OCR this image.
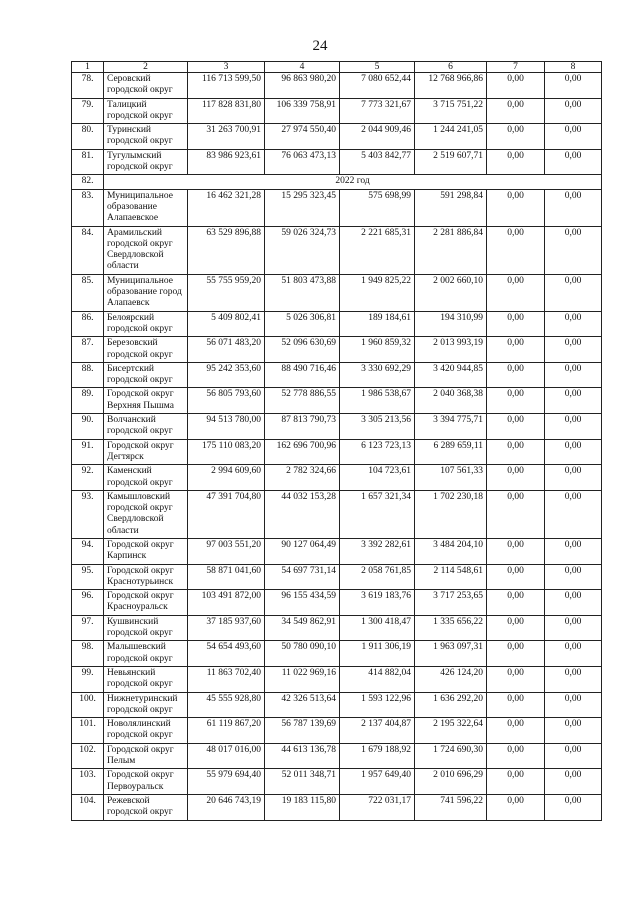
24
1	2	3	4	5	6	7	8
78.	Серовский городской округ	116 713 599,50	96 863 980,20	7 080 652,44	12 768 966,86	0,00	0,00
79.	Талицкий городской округ	117 828 831,80	106 339 758,91	7 773 321,67	3 715 751,22	0,00	0,00
80.	Туринский городской округ	31 263 700,91	27 974 550,40	2 044 909,46	1 244 241,05	0,00	0,00
81.	Тугулымский городской округ	83 986 923,61	76 063 473,13	5 403 842,77	2 519 607,71	0,00	0,00
82.	2022 год						
83.	Муниципальное образование Алапаевское	16 462 321,28	15 295 323,45	575 698,99	591 298,84	0,00	0,00
84.	Арамильский городской округ Свердловской области	63 529 896,88	59 026 324,73	2 221 685,31	2 281 886,84	0,00	0,00
85.	Муниципальное образование город Алапаевск	55 755 959,20	51 803 473,88	1 949 825,22	2 002 660,10	0,00	0,00
86.	Белоярский городской округ	5 409 802,41	5 026 306,81	189 184,61	194 310,99	0,00	0,00
87.	Березовский городской округ	56 071 483,20	52 096 630,69	1 960 859,32	2 013 993,19	0,00	0,00
88.	Бисертский городской округ	95 242 353,60	88 490 716,46	3 330 692,29	3 420 944,85	0,00	0,00
89.	Городской округ Верхняя Пышма	56 805 793,60	52 778 886,55	1 986 538,67	2 040 368,38	0,00	0,00
90.	Волчанский городской округ	94 513 780,00	87 813 790,73	3 305 213,56	3 394 775,71	0,00	0,00
91.	Городской округ Дегтярск	175 110 083,20	162 696 700,96	6 123 723,13	6 289 659,11	0,00	0,00
92.	Каменский городской округ	2 994 609,60	2 782 324,66	104 723,61	107 561,33	0,00	0,00
93.	Камышловский городской округ Свердловской области	47 391 704,80	44 032 153,28	1 657 321,34	1 702 230,18	0,00	0,00
94.	Городской округ Карпинск	97 003 551,20	90 127 064,49	3 392 282,61	3 484 204,10	0,00	0,00
95.	Городской округ Краснотурьинск	58 871 041,60	54 697 731,14	2 058 761,85	2 114 548,61	0,00	0,00
96.	Городской округ Красноуральск	103 491 872,00	96 155 434,59	3 619 183,76	3 717 253,65	0,00	0,00
97.	Кушвинский городской округ	37 185 937,60	34 549 862,91	1 300 418,47	1 335 656,22	0,00	0,00
98.	Малышевский городской округ	54 654 493,60	50 780 090,10	1 911 306,19	1 963 097,31	0,00	0,00
99.	Невьянский городской округ	11 863 702,40	11 022 969,16	414 882,04	426 124,20	0,00	0,00
100.	Нижнетуринский городской округ	45 555 928,80	42 326 513,64	1 593 122,96	1 636 292,20	0,00	0,00
101.	Новолялинский городской округ	61 119 867,20	56 787 139,69	2 137 404,87	2 195 322,64	0,00	0,00
102.	Городской округ Пелым	48 017 016,00	44 613 136,78	1 679 188,92	1 724 690,30	0,00	0,00
103.	Городской округ Первоуральск	55 979 694,40	52 011 348,71	1 957 649,40	2 010 696,29	0,00	0,00
104.	Режевской городской округ	20 646 743,19	19 183 115,80	722 031,17	741 596,22	0,00	0,00
